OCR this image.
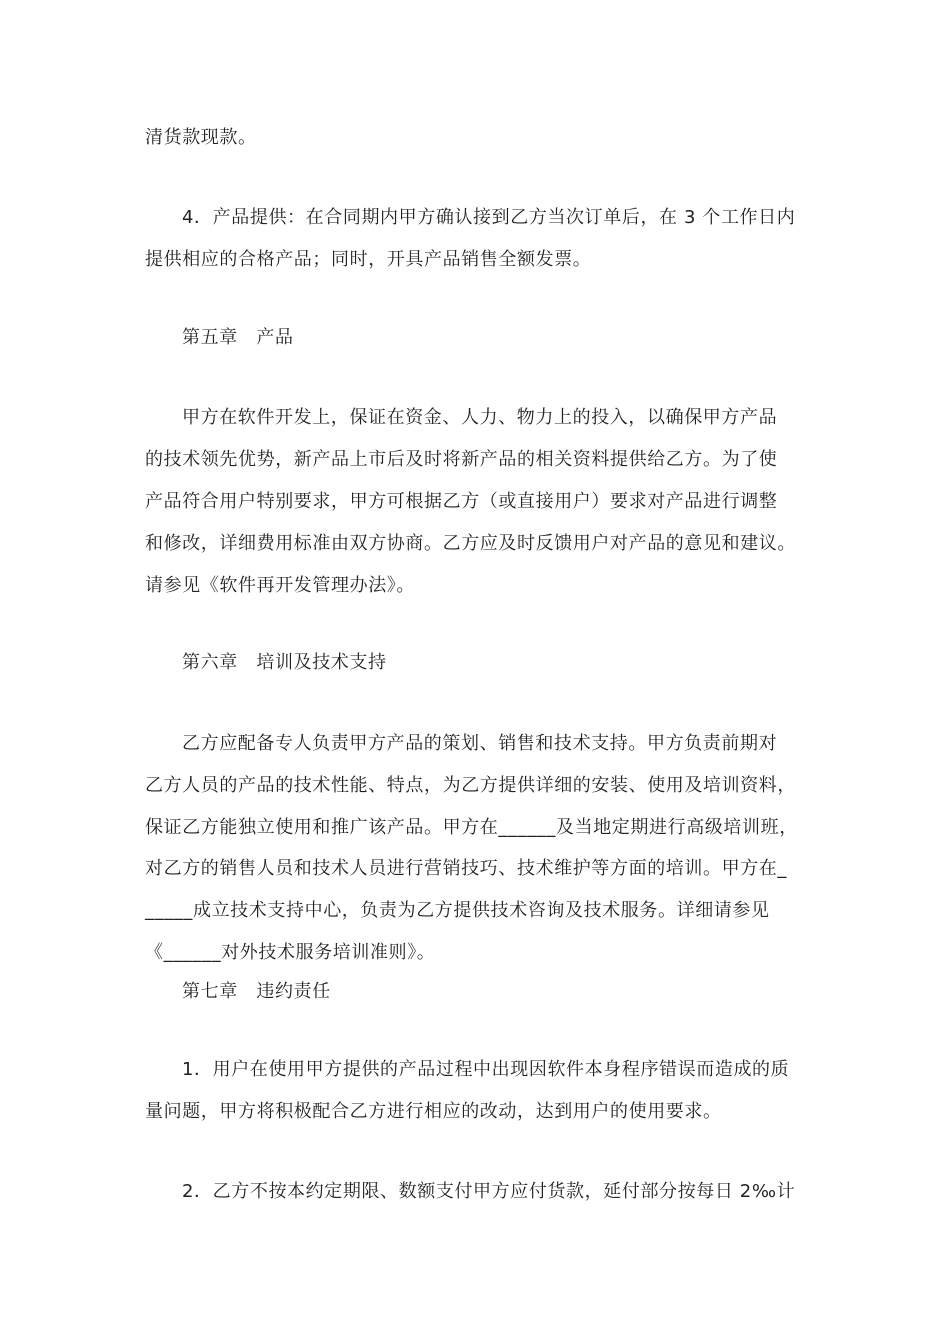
清货款现款。
4．产品提供：在合同期内甲方确认接到乙方当次订单后，在 3 个工作日内
提供相应的合格产品；同时，开具产品销售全额发票。
第五章　产品
甲方在软件开发上，保证在资金、人力、物力上的投入，以确保甲方产品
的技术领先优势，新产品上市后及时将新产品的相关资料提供给乙方。为了使
产品符合用户特别要求，甲方可根据乙方（或直接用户）要求对产品进行调整
和修改，详细费用标准由双方协商。乙方应及时反馈用户对产品的意见和建议。
请参见《软件再开发管理办法》。
第六章　培训及技术支持
乙方应配备专人负责甲方产品的策划、销售和技术支持。甲方负责前期对
乙方人员的产品的技术性能、特点，为乙方提供详细的安装、使用及培训资料，
保证乙方能独立使用和推广该产品。甲方在______及当地定期进行高级培训班，
对乙方的销售人员和技术人员进行营销技巧、技术维护等方面的培训。甲方在_
_____成立技术支持中心，负责为乙方提供技术咨询及技术服务。详细请参见
《______对外技术服务培训准则》。
第七章　违约责任
1．用户在使用甲方提供的产品过程中出现因软件本身程序错误而造成的质
量问题，甲方将积极配合乙方进行相应的改动，达到用户的使用要求。
2．乙方不按本约定期限、数额支付甲方应付货款，延付部分按每日 2‰计
